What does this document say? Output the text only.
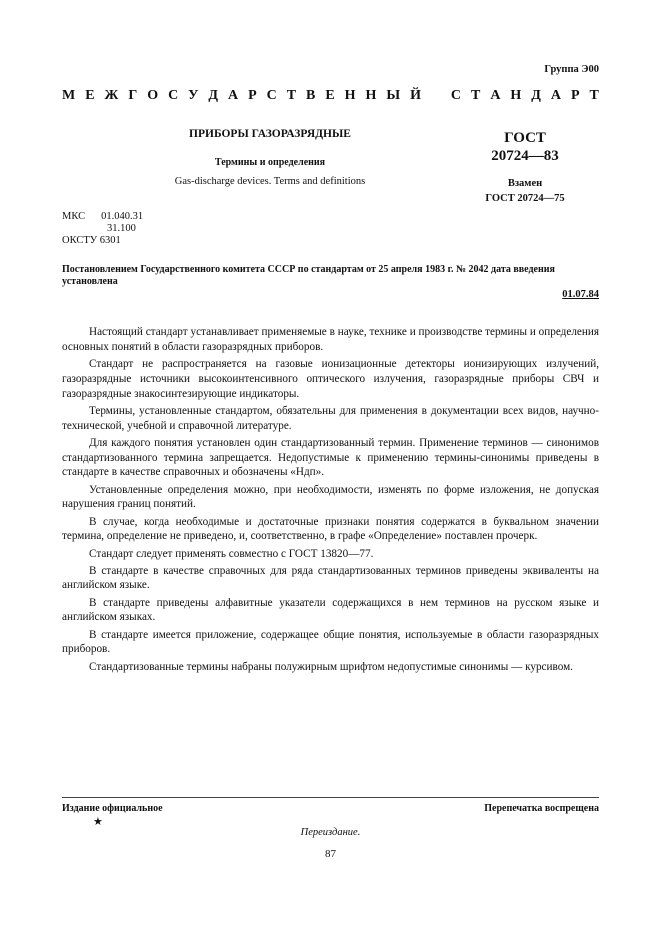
Группа Э00
М Е Ж Г О С У Д А Р С Т В Е Н Н Ы Й С Т А Н Д А Р Т
ПРИБОРЫ ГАЗОРАЗРЯДНЫЕ
Термины и определения
Gas-discharge devices. Terms and definitions
ГОСТ
20724—83
Взамен
ГОСТ 20724—75
МКС 01.040.31
31.100
ОКСТУ 6301
Постановлением Государственного комитета СССР по стандартам от 25 апреля 1983 г. № 2042 дата введения установлена
01.07.84

Настоящий стандарт устанавливает применяемые в науке, технике и производстве термины и определения основных понятий в области газоразрядных приборов.

Стандарт не распространяется на газовые ионизационные детекторы ионизирующих излучений, газоразрядные источники высокоинтенсивного оптического излучения, газоразрядные приборы СВЧ и газоразрядные знакосинтезирующие индикаторы.

Термины, установленные стандартом, обязательны для применения в документации всех видов, научно-технической, учебной и справочной литературе.

Для каждого понятия установлен один стандартизованный термин. Применение терминов — синонимов стандартизованного термина запрещается. Недопустимые к применению термины-синонимы приведены в стандарте в качестве справочных и обозначены «Ндп».

Установленные определения можно, при необходимости, изменять по форме изложения, не допуская нарушения границ понятий.

В случае, когда необходимые и достаточные признаки понятия содержатся в буквальном значении термина, определение не приведено, и, соответственно, в графе «Определение» поставлен прочерк.

Стандарт следует применять совместно с ГОСТ 13820—77.

В стандарте в качестве справочных для ряда стандартизованных терминов приведены эквиваленты на английском языке.

В стандарте приведены алфавитные указатели содержащихся в нем терминов на русском языке и английском языках.

В стандарте имеется приложение, содержащее общие понятия, используемые в области газоразрядных приборов.

Стандартизованные термины набраны полужирным шрифтом недопустимые синонимы — курсивом.

Издание официальное
★
Перепечатка воспрещена
Переиздание.
87
